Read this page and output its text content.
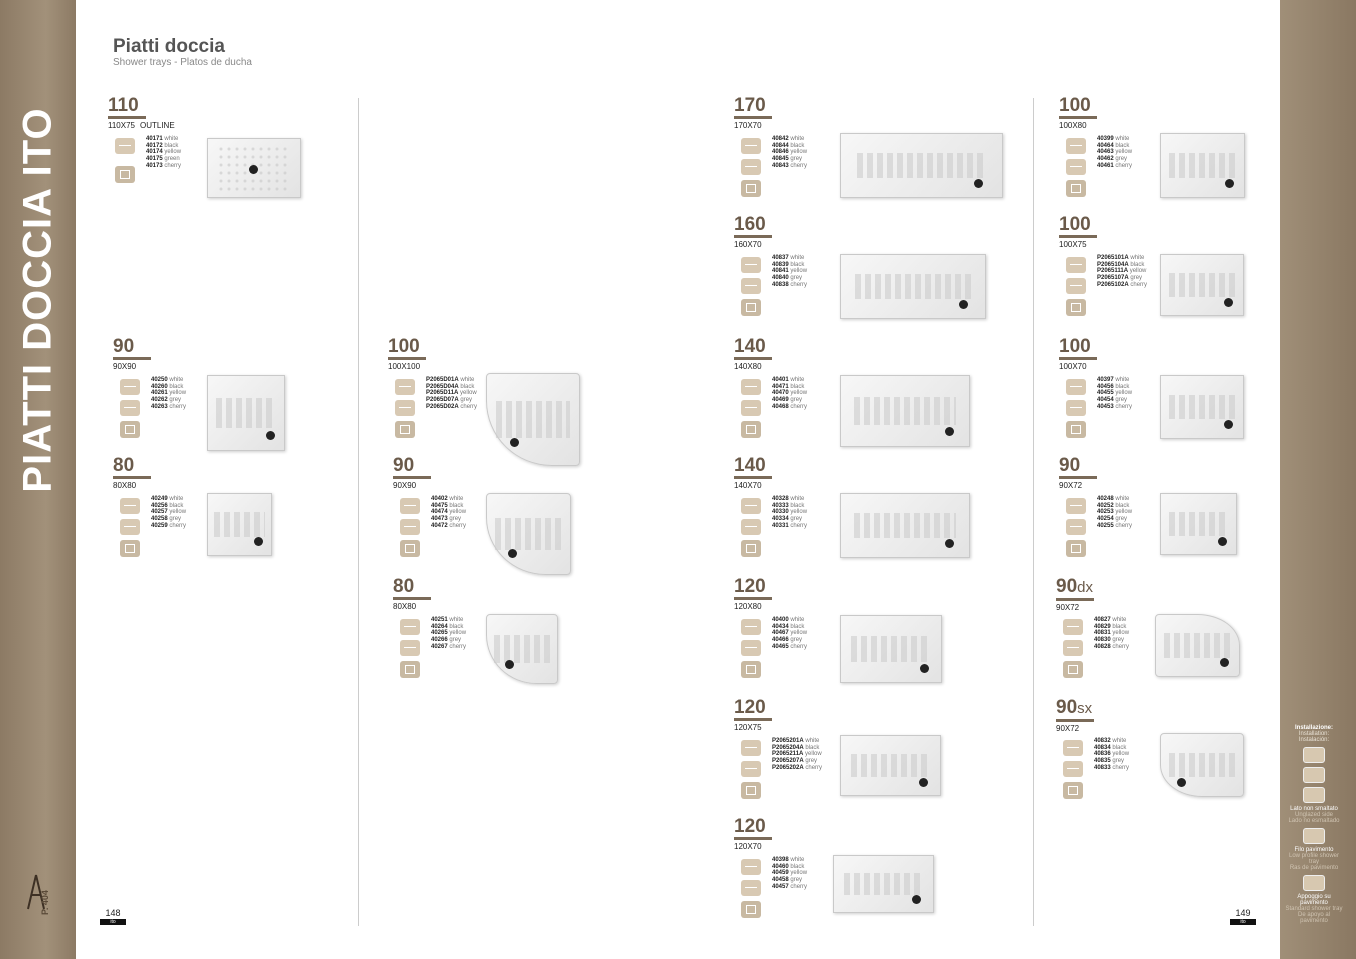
PIATTI DOCCIA ITO
P. 404
Piatti doccia
Shower trays - Platos de ducha
148
ito
149
ito
110
110X75 OUTLINE
40171 white
40172 black
40174 yellow
40175 green
40173 cherry
90
90X90
40250 white
40260 black
40261 yellow
40262 grey
40263 cherry
80
80X80
40249 white
40256 black
40257 yellow
40258 grey
40259 cherry
100
100X100
P2065D01A white
P2065D04A black
P2065D11A yellow
P2065D07A grey
P2065D02A cherry
90
90X90
40402 white
40475 black
40474 yellow
40473 grey
40472 cherry
80
80X80
40251 white
40264 black
40265 yellow
40266 grey
40267 cherry
170
170X70
40842 white
40844 black
40846 yellow
40845 grey
40843 cherry
160
160X70
40837 white
40839 black
40841 yellow
40840 grey
40838 cherry
140
140X80
40401 white
40471 black
40470 yellow
40469 grey
40468 cherry
140
140X70
40328 white
40333 black
40330 yellow
40334 grey
40331 cherry
120
120X80
40400 white
40434 black
40467 yellow
40466 grey
40465 cherry
120
120X75
P2065201A white
P2065204A black
P2065211A yellow
P2065207A grey
P2065202A cherry
120
120X70
40398 white
40460 black
40459 yellow
40458 grey
40457 cherry
100
100X80
40399 white
40464 black
40463 yellow
40462 grey
40461 cherry
100
100X75
P2065101A white
P2065104A black
P2065111A yellow
P2065107A grey
P2065102A cherry
100
100X70
40397 white
40456 black
40455 yellow
40454 grey
40453 cherry
90
90X72
40248 white
40252 black
40253 yellow
40254 grey
40255 cherry
90dx
90X72
40827 white
40829 black
40831 yellow
40830 grey
40828 cherry
90sx
90X72
40832 white
40834 black
40836 yellow
40835 grey
40833 cherry
Installazione:
Installation:
Instalación:
Lato non smaltato
Unglazed side
Lado no esmaltado
Filo pavimento
Low profile shower tray
Ras de pavimento
Appoggio su pavimento
Standard shower tray
De apoyo al pavimento
